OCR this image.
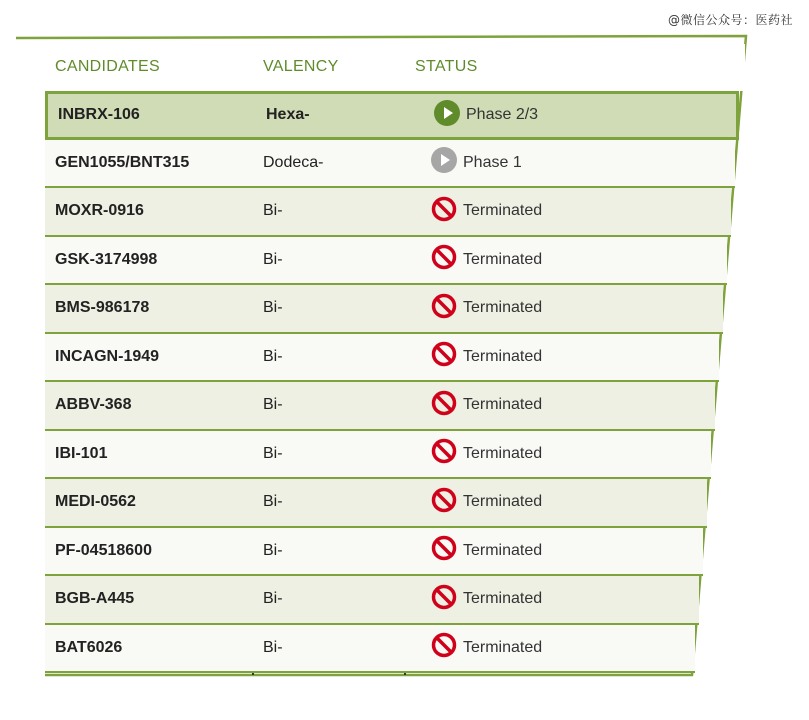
@微信公众号：医药社
CANDIDATES	VALENCY	STATUS
INBRX-106	Hexa-	Phase 2/3
GEN1055/BNT315	Dodeca-	Phase 1
MOXR-0916	Bi-	Terminated
GSK-3174998	Bi-	Terminated
BMS-986178	Bi-	Terminated
INCAGN-1949	Bi-	Terminated
ABBV-368	Bi-	Terminated
IBI-101	Bi-	Terminated
MEDI-0562	Bi-	Terminated
PF-04518600	Bi-	Terminated
BGB-A445	Bi-	Terminated
BAT6026	Bi-	Terminated
